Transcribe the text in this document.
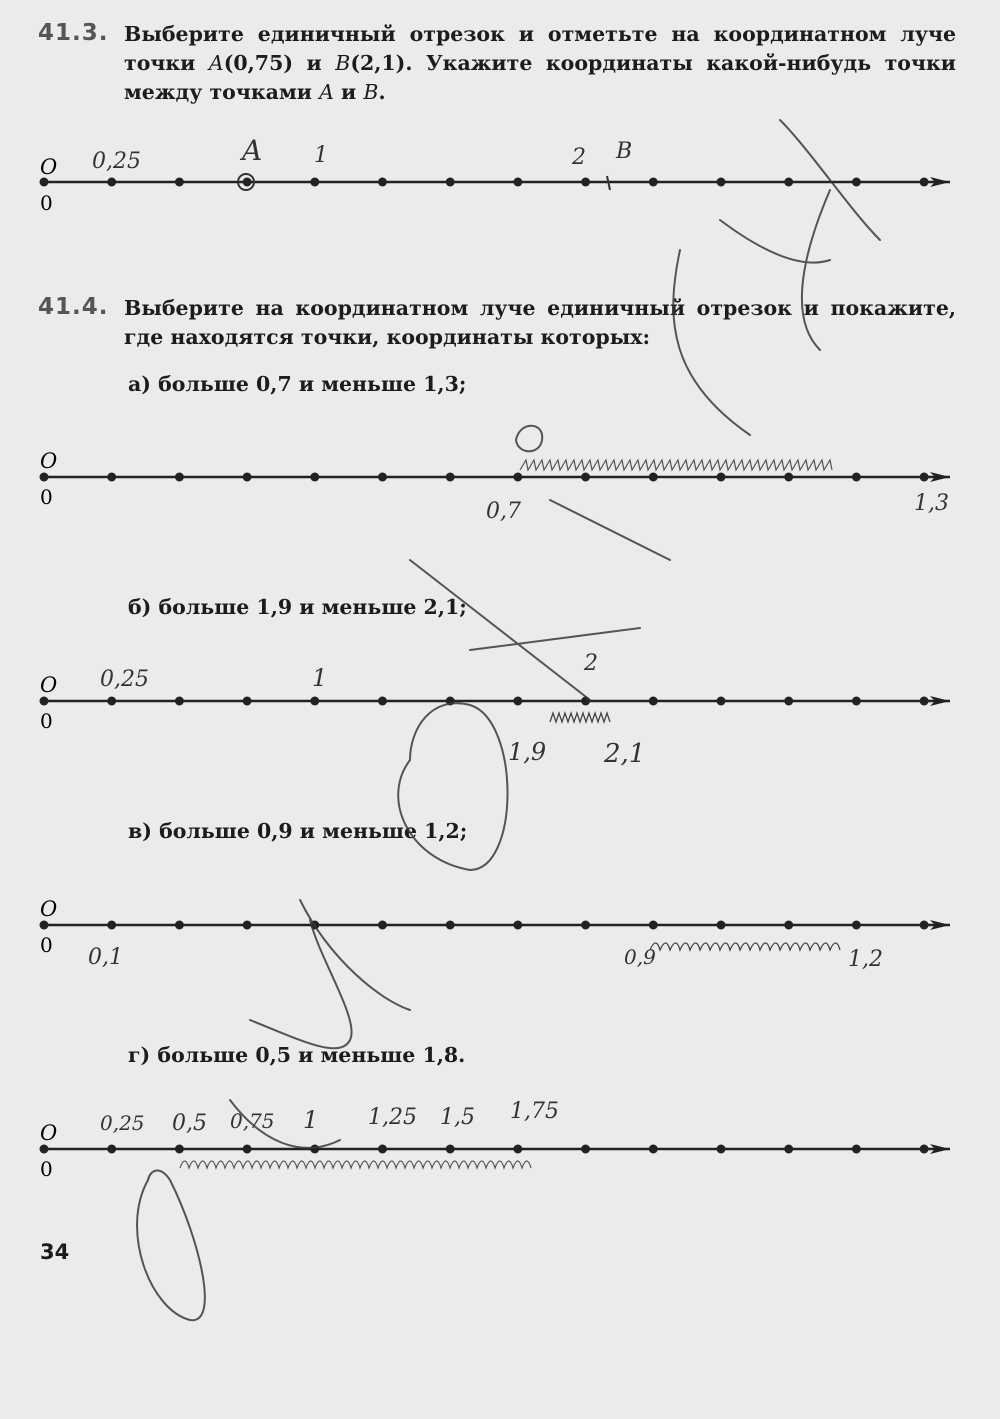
41.3. Выберите единичный отрезок и отметьте на координатном луче точки A(0,75) и B(2,1). Укажите координаты какой-нибудь точки между точками A и B.
41.4. Выберите на координатном луче единичный отрезок и покажите, где находятся точки, координаты которых:
а) больше 0,7 и меньше 1,3;
б) больше 1,9 и меньше 2,1;
в) больше 0,9 и меньше 1,2;
г) больше 0,5 и меньше 1,8.
34
O
0
O
0
O
0
O
0
O
0
0,25	A 1	2 B
0,7	1,3
0,25	1
2
1,9 2,1
0,1	0,9	1,2
0,25 0,5 0,75 1 1,25 1,5 1,75
